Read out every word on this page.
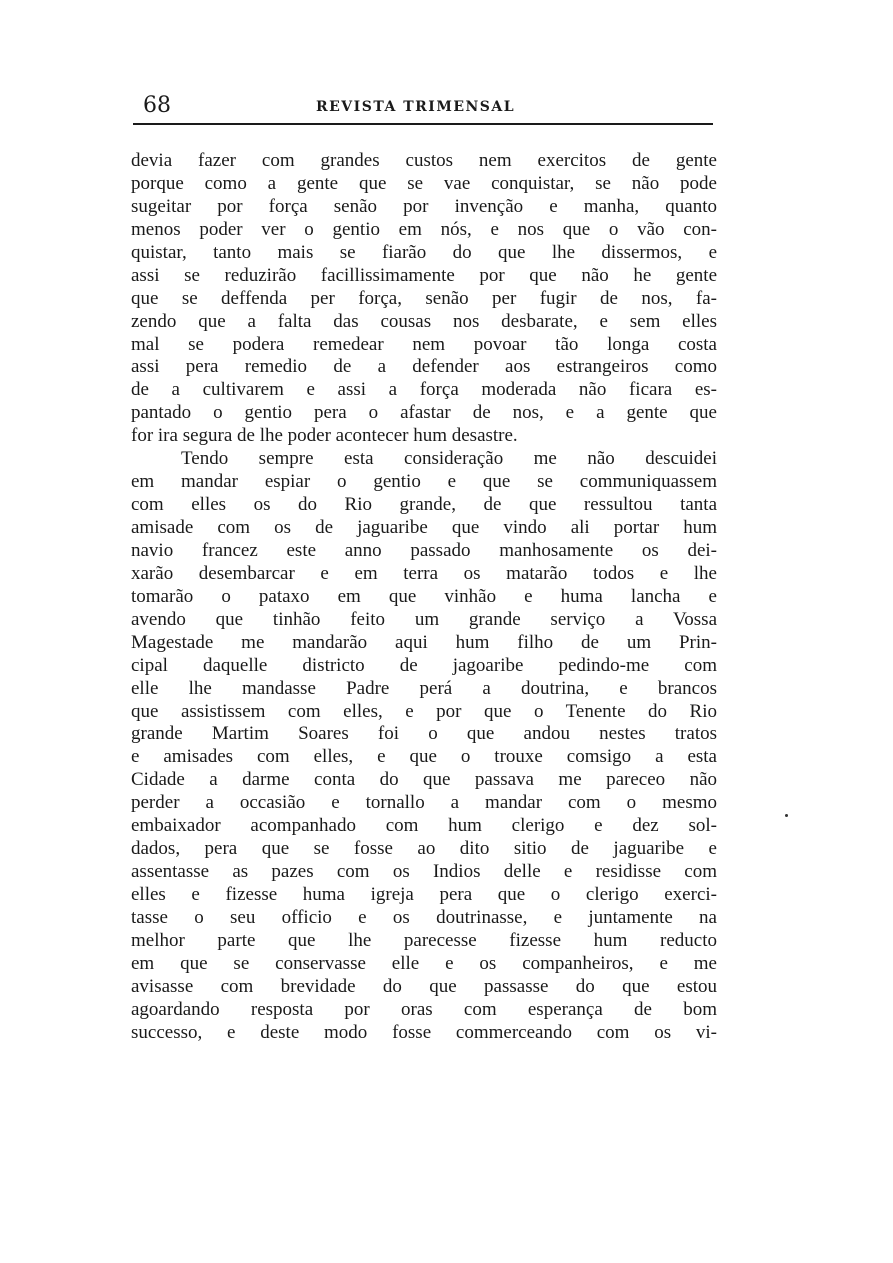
68	REVISTA TRIMENSAL
devia fazer com grandes custos nem exercitos de gente
porque como a gente que se vae conquistar, se não pode
sugeitar por força senão por invenção e manha, quanto
menos poder ver o gentio em nós, e nos que o vão con-
quistar, tanto mais se fiarão do que lhe dissermos, e
assi se reduzirão facillissimamente por que não he gente
que se deffenda per força, senão per fugir de nos, fa-
zendo que a falta das cousas nos desbarate, e sem elles
mal se podera remedear nem povoar tão longa costa
assi pera remedio de a defender aos estrangeiros como
de a cultivarem e assi a força moderada não ficara es-
pantado o gentio pera o afastar de nos, e a gente que
for ira segura de lhe poder acontecer hum desastre.
Tendo sempre esta consideração me não descuidei
em mandar espiar o gentio e que se communiquassem
com elles os do Rio grande, de que ressultou tanta
amisade com os de jaguaribe que vindo ali portar hum
navio francez este anno passado manhosamente os dei-
xarão desembarcar e em terra os matarão todos e lhe
tomarão o pataxo em que vinhão e huma lancha e
avendo que tinhão feito um grande serviço a Vossa
Magestade me mandarão aqui hum filho de um Prin-
cipal daquelle districto de jagoaribe pedindo-me com
elle lhe mandasse Padre perá a doutrina, e brancos
que assistissem com elles, e por que o Tenente do Rio
grande Martim Soares foi o que andou nestes tratos
e amisades com elles, e que o trouxe comsigo a esta
Cidade a darme conta do que passava me pareceo não
perder a occasião e tornallo a mandar com o mesmo
embaixador acompanhado com hum clerigo e dez sol-
dados, pera que se fosse ao dito sitio de jaguaribe e
assentasse as pazes com os Indios delle e residisse com
elles e fizesse huma igreja pera que o clerigo exerci-
tasse o seu officio e os doutrinasse, e juntamente na
melhor parte que lhe parecesse fizesse hum reducto
em que se conservasse elle e os companheiros, e me
avisasse com brevidade do que passasse do que estou
agoardando resposta por oras com esperança de bom
successo, e deste modo fosse commerceando com os vi-
